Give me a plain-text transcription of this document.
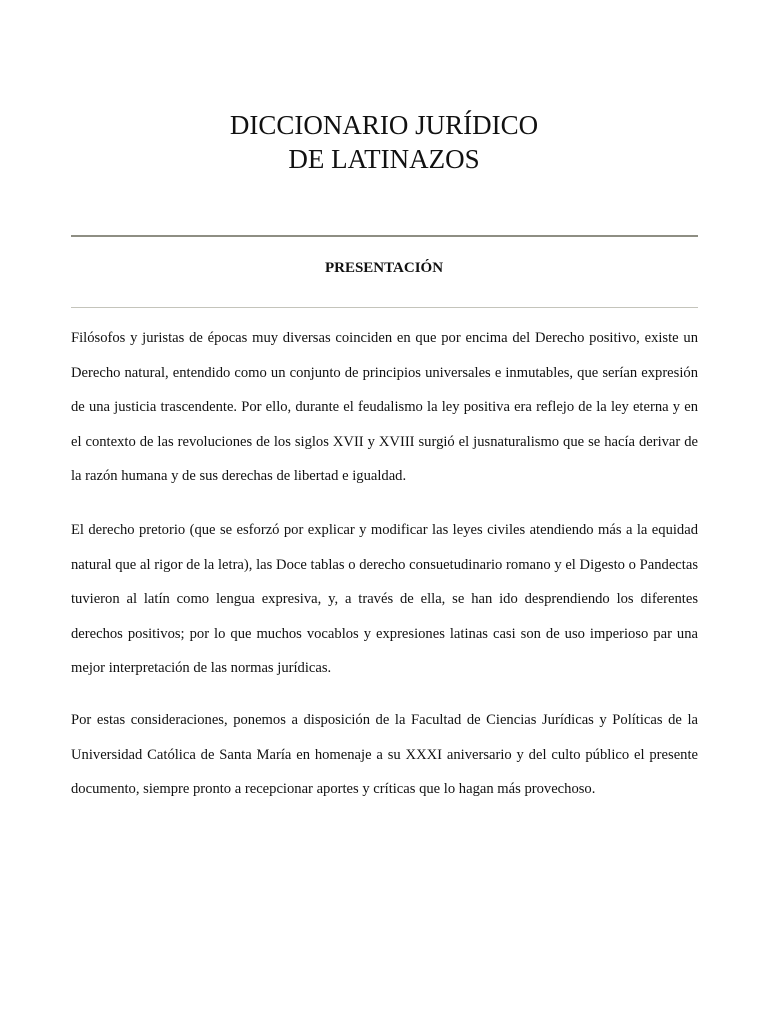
DICCIONARIO JURÍDICO
DE LATINAZOS
PRESENTACIÓN

Filósofos y juristas de épocas muy diversas coinciden en que por encima del Derecho positivo, existe un Derecho natural, entendido como un conjunto de principios universales e inmutables, que serían expresión de una justicia trascendente. Por ello, durante el feudalismo la ley positiva era reflejo de la ley eterna y en el contexto de las revoluciones de los siglos XVII y XVIII surgió el jusnaturalismo que se hacía derivar de la razón humana y de sus derechas de libertad e igualdad.

El derecho pretorio (que se esforzó por explicar y modificar las leyes civiles atendiendo más a la equidad natural que al rigor de la letra), las Doce tablas o derecho consuetudinario romano y el Digesto o Pandectas tuvieron al latín como lengua expresiva, y, a través de ella, se han ido desprendiendo los diferentes derechos positivos; por lo que muchos vocablos y expresiones latinas casi son de uso imperioso par una mejor interpretación de las normas jurídicas.

Por estas consideraciones, ponemos a disposición de la Facultad de Ciencias Jurídicas y Políticas de la Universidad Católica de Santa María en homenaje a su XXXI aniversario y del culto público el presente documento, siempre pronto a recepcionar aportes y críticas que lo hagan más provechoso.
